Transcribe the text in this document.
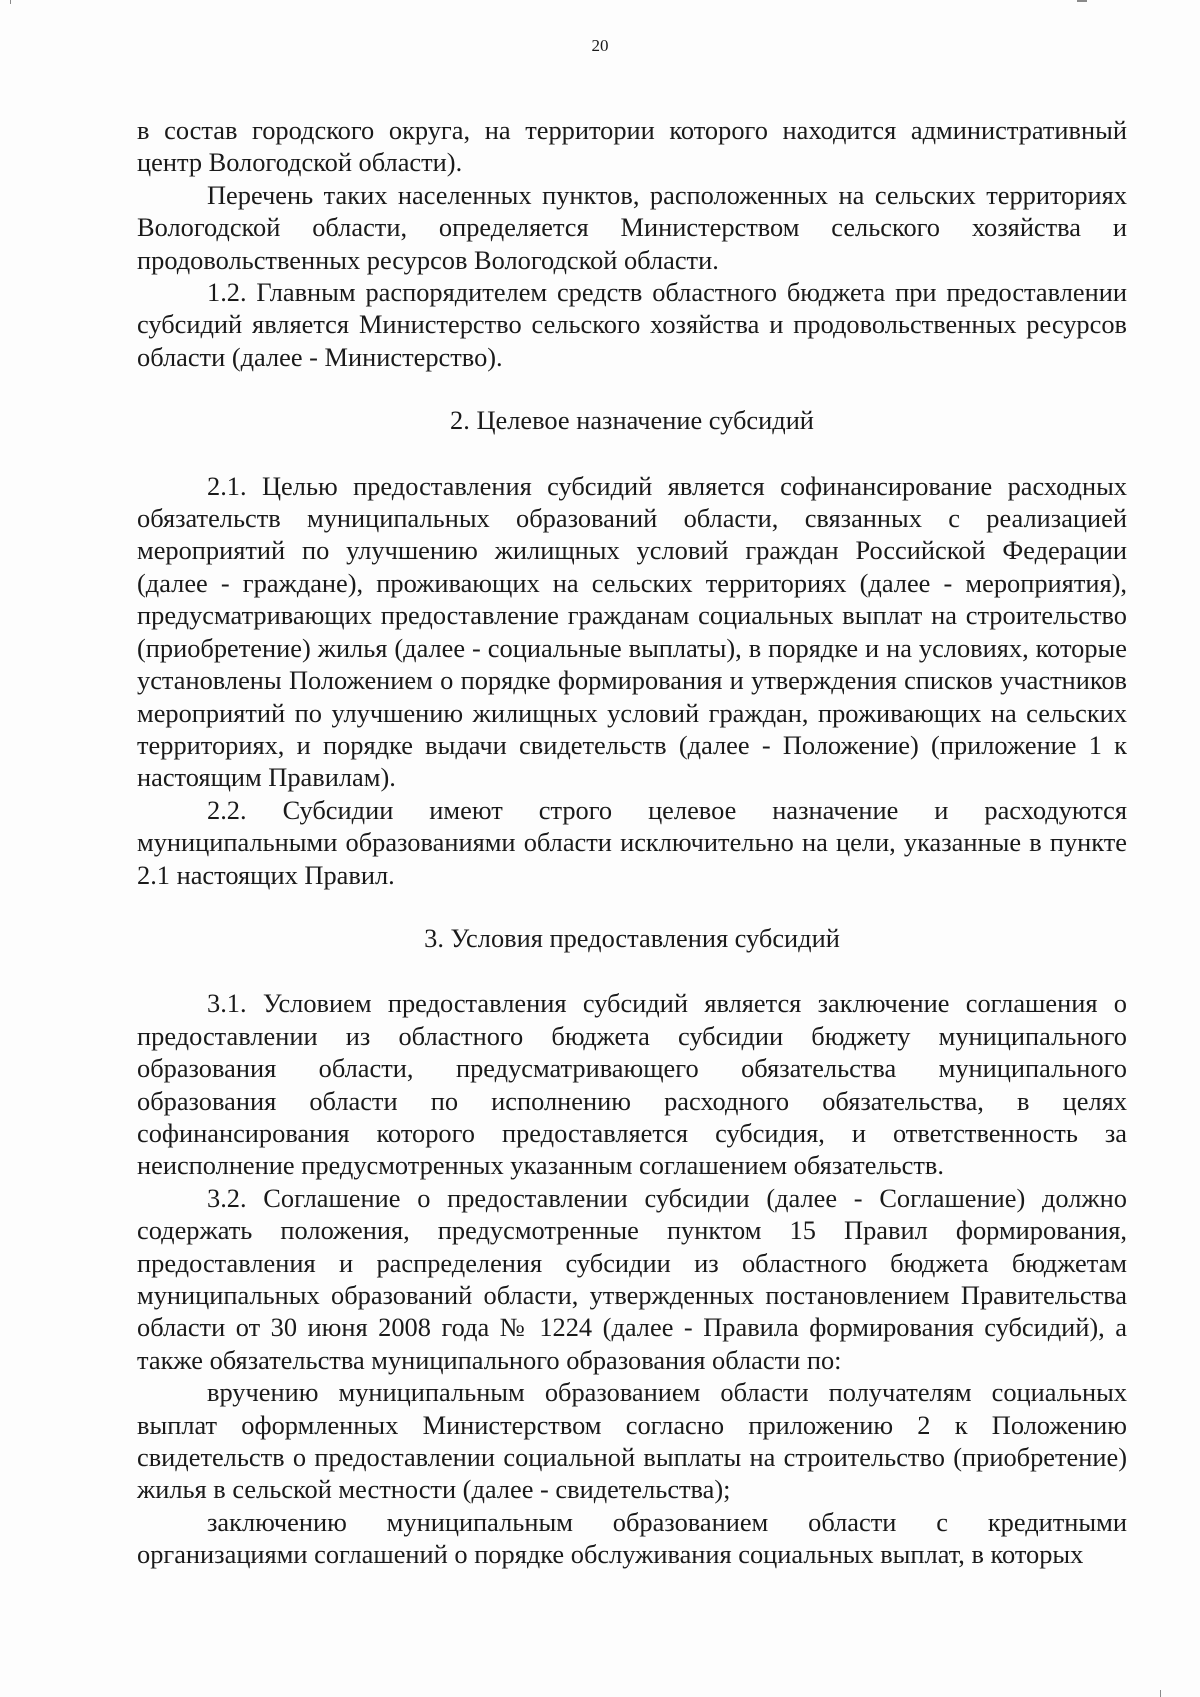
20

в состав городского округа, на территории которого находится административный центр Вологодской области).

Перечень таких населенных пунктов, расположенных на сельских территориях Вологодской области, определяется Министерством сельского хозяйства и продовольственных ресурсов Вологодской области.

1.2. Главным распорядителем средств областного бюджета при предоставлении субсидий является Министерство сельского хозяйства и продовольственных ресурсов области (далее - Министерство).

2. Целевое назначение субсидий

2.1. Целью предоставления субсидий является софинансирование расходных обязательств муниципальных образований области, связанных с реализацией мероприятий по улучшению жилищных условий граждан Российской Федерации (далее - граждане), проживающих на сельских территориях (далее - мероприятия), предусматривающих предоставление гражданам социальных выплат на строительство (приобретение) жилья (далее - социальные выплаты), в порядке и на условиях, которые установлены Положением о порядке формирования и утверждения списков участников мероприятий по улучшению жилищных условий граждан, проживающих на сельских территориях, и порядке выдачи свидетельств (далее - Положение) (приложение 1 к настоящим Правилам).

2.2. Субсидии имеют строго целевое назначение и расходуются муниципальными образованиями области исключительно на цели, указанные в пункте 2.1 настоящих Правил.

3. Условия предоставления субсидий

3.1. Условием предоставления субсидий является заключение соглашения о предоставлении из областного бюджета субсидии бюджету муниципального образования области, предусматривающего обязательства муниципального образования области по исполнению расходного обязательства, в целях софинансирования которого предоставляется субсидия, и ответственность за неисполнение предусмотренных указанным соглашением обязательств.

3.2. Соглашение о предоставлении субсидии (далее - Соглашение) должно содержать положения, предусмотренные пунктом 15 Правил формирования, предоставления и распределения субсидии из областного бюджета бюджетам муниципальных образований области, утвержденных постановлением Правительства области от 30 июня 2008 года № 1224 (далее - Правила формирования субсидий), а также обязательства муниципального образования области по:

вручению муниципальным образованием области получателям социальных выплат оформленных Министерством согласно приложению 2 к Положению свидетельств о предоставлении социальной выплаты на строительство (приобретение) жилья в сельской местности (далее - свидетельства);

заключению муниципальным образованием области с кредитными организациями соглашений о порядке обслуживания социальных выплат, в которых
